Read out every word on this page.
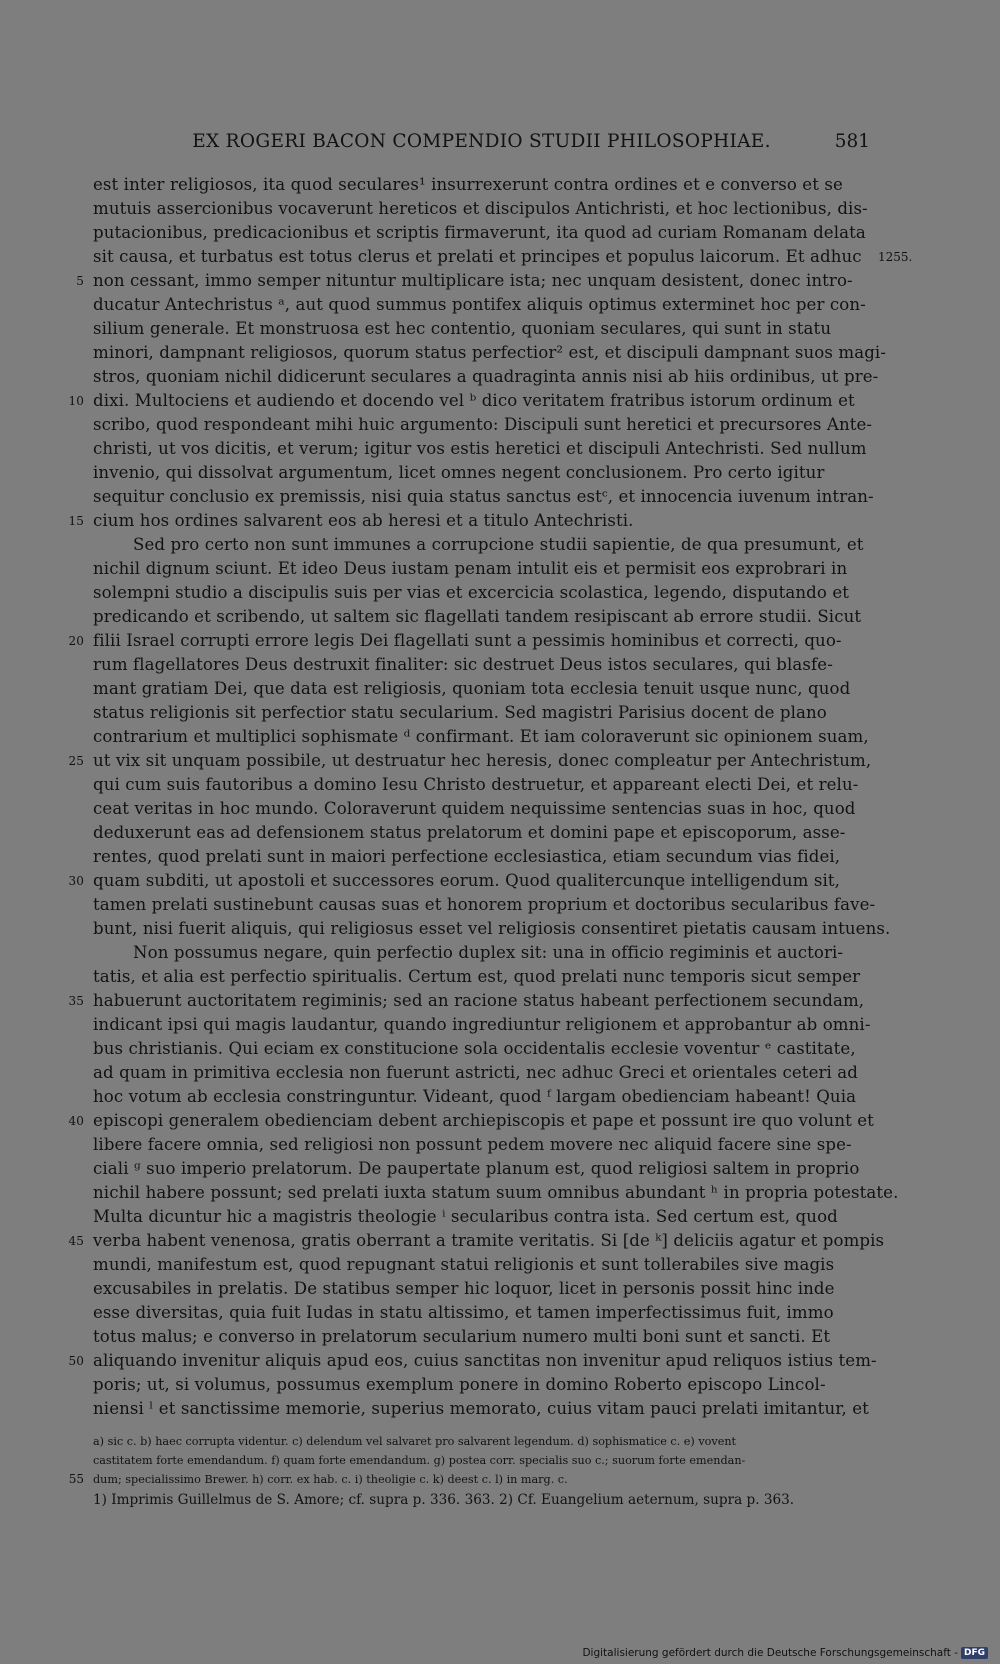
EX ROGERI BACON COMPENDIO STUDII PHILOSOPHIAE.	581
1255.
est inter religiosos, ita quod seculares¹ insurrexerunt contra ordines et e converso et se
mutuis assercionibus vocaverunt hereticos et discipulos Antichristi, et hoc lectionibus, dis-
putacionibus, predicacionibus et scriptis firmaverunt, ita quod ad curiam Romanam delata
sit causa, et turbatus est totus clerus et prelati et principes et populus laicorum. Et adhuc
5 non cessant, immo semper nituntur multiplicare ista; nec unquam desistent, donec intro-
ducatur Antechristus ᵃ, aut quod summus pontifex aliquis optimus exterminet hoc per con-
silium generale. Et monstruosa est hec contentio, quoniam seculares, qui sunt in statu
minori, dampnant religiosos, quorum status perfectior² est, et discipuli dampnant suos magi-
stros, quoniam nichil didicerunt seculares a quadraginta annis nisi ab hiis ordinibus, ut pre-
10 dixi. Multociens et audiendo et docendo vel ᵇ dico veritatem fratribus istorum ordinum et
scribo, quod respondeant mihi huic argumento: Discipuli sunt heretici et precursores Ante-
christi, ut vos dicitis, et verum; igitur vos estis heretici et discipuli Antechristi. Sed nullum
invenio, qui dissolvat argumentum, licet omnes negent conclusionem. Pro certo igitur
sequitur conclusio ex premissis, nisi quia status sanctus estᶜ, et innocencia iuvenum intran-
15 cium hos ordines salvarent eos ab heresi et a titulo Antechristi.
Sed pro certo non sunt immunes a corrupcione studii sapientie, de qua presumunt, et
nichil dignum sciunt. Et ideo Deus iustam penam intulit eis et permisit eos exprobrari in
solempni studio a discipulis suis per vias et excercicia scolastica, legendo, disputando et
predicando et scribendo, ut saltem sic flagellati tandem resipiscant ab errore studii. Sicut
20 filii Israel corrupti errore legis Dei flagellati sunt a pessimis hominibus et correcti, quo-
rum flagellatores Deus destruxit finaliter: sic destruet Deus istos seculares, qui blasfe-
mant gratiam Dei, que data est religiosis, quoniam tota ecclesia tenuit usque nunc, quod
status religionis sit perfectior statu secularium. Sed magistri Parisius docent de plano
contrarium et multiplici sophismate ᵈ confirmant. Et iam coloraverunt sic opinionem suam,
25 ut vix sit unquam possibile, ut destruatur hec heresis, donec compleatur per Antechristum,
qui cum suis fautoribus a domino Iesu Christo destruetur, et appareant electi Dei, et relu-
ceat veritas in hoc mundo. Coloraverunt quidem nequissime sentencias suas in hoc, quod
deduxerunt eas ad defensionem status prelatorum et domini pape et episcoporum, asse-
rentes, quod prelati sunt in maiori perfectione ecclesiastica, etiam secundum vias fidei,
30 quam subditi, ut apostoli et successores eorum. Quod qualitercunque intelligendum sit,
tamen prelati sustinebunt causas suas et honorem proprium et doctoribus secularibus fave-
bunt, nisi fuerit aliquis, qui religiosus esset vel religiosis consentiret pietatis causam intuens.
Non possumus negare, quin perfectio duplex sit: una in officio regiminis et auctori-
tatis, et alia est perfectio spiritualis. Certum est, quod prelati nunc temporis sicut semper
35 habuerunt auctoritatem regiminis; sed an racione status habeant perfectionem secundam,
indicant ipsi qui magis laudantur, quando ingrediuntur religionem et approbantur ab omni-
bus christianis. Qui eciam ex constitucione sola occidentalis ecclesie voventur ᵉ castitate,
ad quam in primitiva ecclesia non fuerunt astricti, nec adhuc Greci et orientales ceteri ad
hoc votum ab ecclesia constringuntur. Videant, quod ᶠ largam obedienciam habeant! Quia
40 episcopi generalem obedienciam debent archiepiscopis et pape et possunt ire quo volunt et
libere facere omnia, sed religiosi non possunt pedem movere nec aliquid facere sine spe-
ciali ᵍ suo imperio prelatorum. De paupertate planum est, quod religiosi saltem in proprio
nichil habere possunt; sed prelati iuxta statum suum omnibus abundant ʰ in propria potestate.
Multa dicuntur hic a magistris theologie ⁱ secularibus contra ista. Sed certum est, quod
45 verba habent venenosa, gratis oberrant a tramite veritatis. Si [de ᵏ] deliciis agatur et pompis
mundi, manifestum est, quod repugnant statui religionis et sunt tollerabiles sive magis
excusabiles in prelatis. De statibus semper hic loquor, licet in personis possit hinc inde
esse diversitas, quia fuit Iudas in statu altissimo, et tamen imperfectissimus fuit, immo
totus malus; e converso in prelatorum secularium numero multi boni sunt et sancti. Et
50 aliquando invenitur aliquis apud eos, cuius sanctitas non invenitur apud reliquos istius tem-
poris; ut, si volumus, possumus exemplum ponere in domino Roberto episcopo Lincol-
niensi ˡ et sanctissime memorie, superius memorato, cuius vitam pauci prelati imitantur, et
a) sic c. b) haec corrupta videntur. c) delendum vel salvaret pro salvarent legendum. d) sophismatice c. e) vovent
castitatem forte emendandum. f) quam forte emendandum. g) postea corr. specialis suo c.; suorum forte emendan-
55 dum; specialissimo Brewer. h) corr. ex hab. c. i) theoligie c. k) deest c. l) in marg. c.
1) Imprimis Guillelmus de S. Amore; cf. supra p. 336. 363. 2) Cf. Euangelium aeternum, supra p. 363.
Digitalisierung gefördert durch die Deutsche Forschungsgemeinschaft - DFG
